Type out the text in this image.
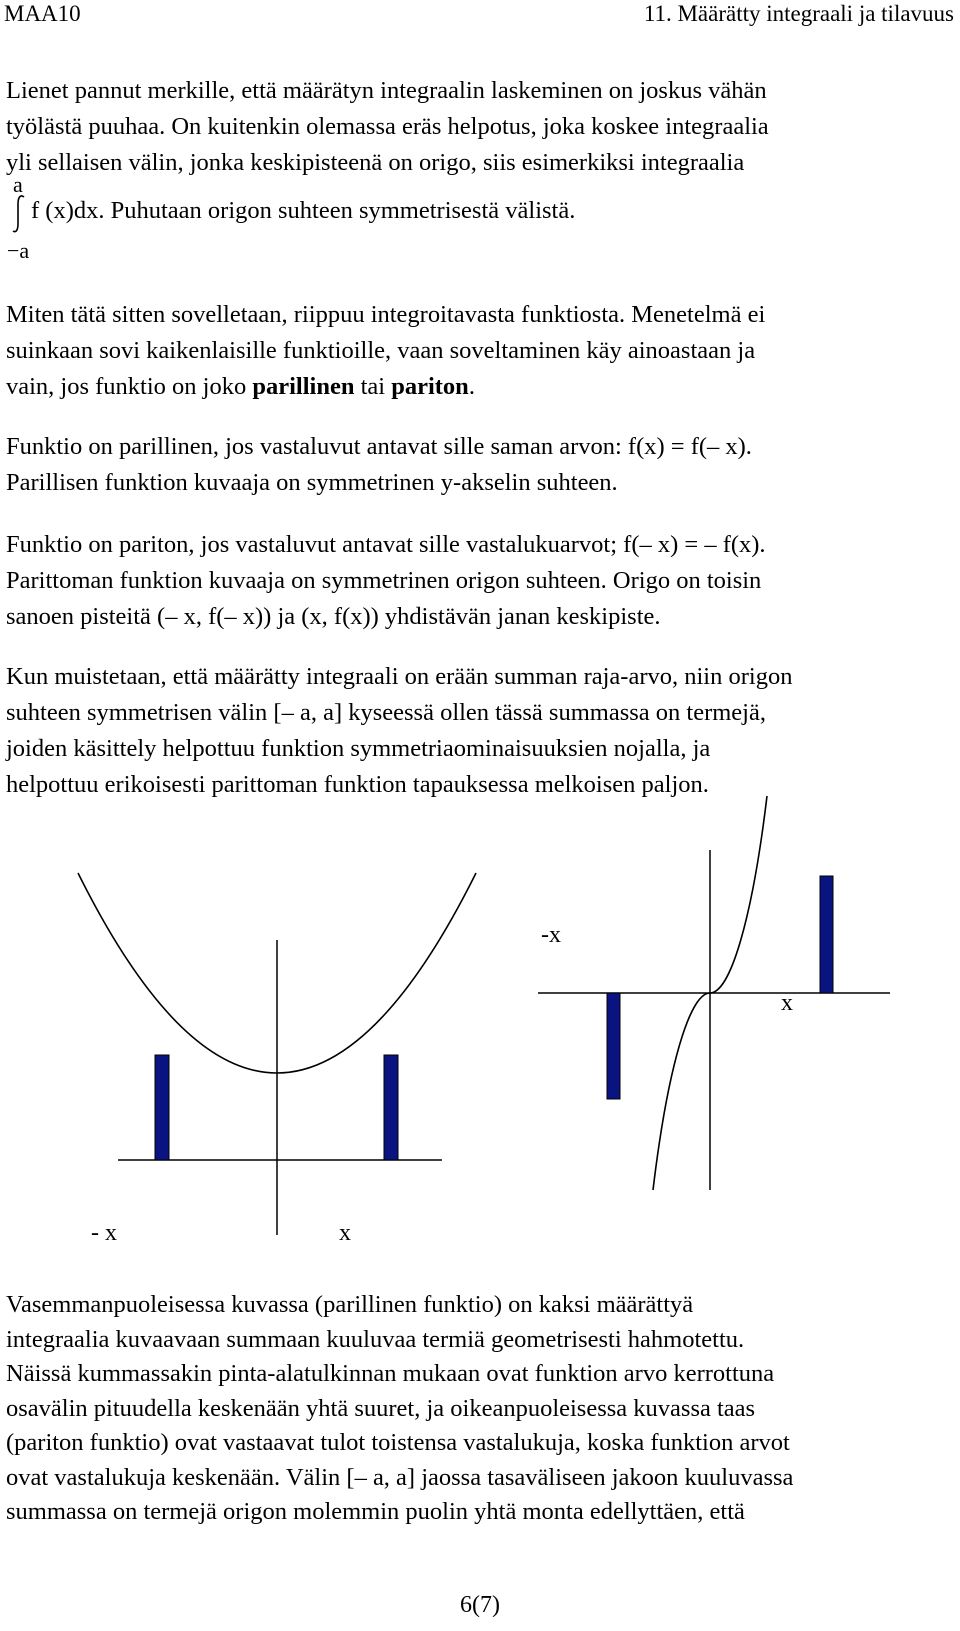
MAA10	11. Määrätty integraali ja tilavuus
Lienet pannut merkille, että määrätyn integraalin laskeminen on joskus vähän
työlästä puuhaa. On kuitenkin olemassa eräs helpotus, joka koskee integraalia
yli sellaisen välin, jonka keskipisteenä on origo, siis esimerkiksi integraalia
a
f (x)dx. Puhutaan origon suhteen symmetrisestä välistä.
−a
Miten tätä sitten sovelletaan, riippuu integroitavasta funktiosta. Menetelmä ei
suinkaan sovi kaikenlaisille funktioille, vaan soveltaminen käy ainoastaan ja
vain, jos funktio on joko parillinen tai pariton.
Funktio on parillinen, jos vastaluvut antavat sille saman arvon: f(x) = f(– x).
Parillisen funktion kuvaaja on symmetrinen y-akselin suhteen.
Funktio on pariton, jos vastaluvut antavat sille vastalukuarvot; f(– x) = – f(x).
Parittoman funktion kuvaaja on symmetrinen origon suhteen. Origo on toisin
sanoen pisteitä (– x, f(– x)) ja (x, f(x)) yhdistävän janan keskipiste.
Kun muistetaan, että määrätty integraali on erään summan raja-arvo, niin origon
suhteen symmetrisen välin [– a, a] kyseessä ollen tässä summassa on termejä,
joiden käsittely helpottuu funktion symmetriaominaisuuksien nojalla, ja
helpottuu erikoisesti parittoman funktion tapauksessa melkoisen paljon.
- x	x
-x
x
Vasemmanpuoleisessa kuvassa (parillinen funktio) on kaksi määrättyä
integraalia kuvaavaan summaan kuuluvaa termiä geometrisesti hahmotettu.
Näissä kummassakin pinta-alatulkinnan mukaan ovat funktion arvo kerrottuna
osavälin pituudella keskenään yhtä suuret, ja oikeanpuoleisessa kuvassa taas
(pariton funktio) ovat vastaavat tulot toistensa vastalukuja, koska funktion arvot
ovat vastalukuja keskenään. Välin [– a, a] jaossa tasaväliseen jakoon kuuluvassa
summassa on termejä origon molemmin puolin yhtä monta edellyttäen, että
6(7)
